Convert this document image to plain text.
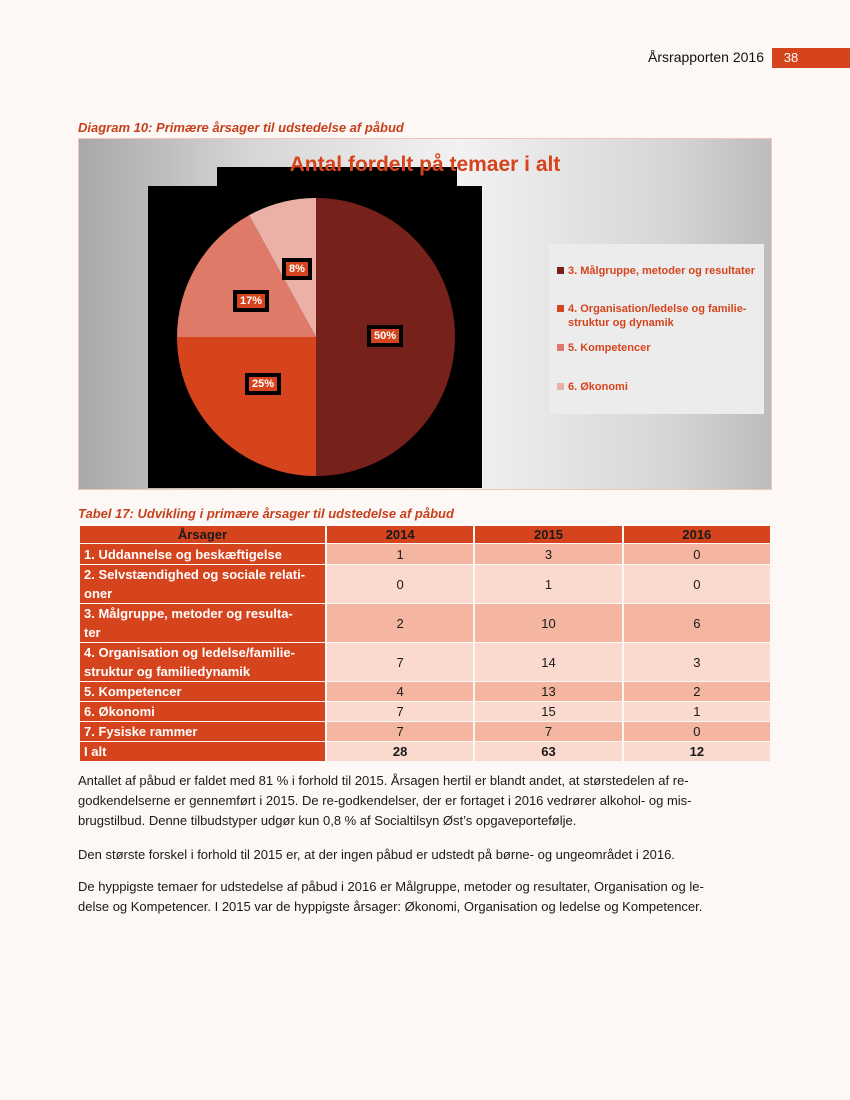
Årsrapporten 2016	38
Diagram 10: Primære årsager til udstedelse af påbud
Antal fordelt på temaer i alt
50%
25%
17%
8%	3. Målgruppe, metoder og resultater
4. Organisation/ledelse og familie-
struktur og dynamik
5. Kompetencer
6. Økonomi
Tabel 17: Udvikling i primære årsager til udstedelse af påbud
Årsager	2014	2015	2016

1. Uddannelse og beskæftigelse	1	3	0

2. Selvstændighed og sociale relati-
oner	0	1	0

3. Målgruppe, metoder og resulta-
ter	2	10	6

4. Organisation og ledelse/familie-
struktur og familiedynamik	7	14	3

5. Kompetencer	4	13	2

6. Økonomi	7	15	1

7. Fysiske rammer	7	7	0

I alt	28	63	12
Antallet af påbud er faldet med 81 % i forhold til 2015. Årsagen hertil er blandt andet, at størstedelen af re-
godkendelserne er gennemført i 2015. De re-godkendelser, der er fortaget i 2016 vedrører alkohol- og mis-
brugstilbud. Denne tilbudstyper udgør kun 0,8 % af Socialtilsyn Øst’s opgaveportefølje.
Den største forskel i forhold til 2015 er, at der ingen påbud er udstedt på børne- og ungeområdet i 2016.
De hyppigste temaer for udstedelse af påbud i 2016 er Målgruppe, metoder og resultater, Organisation og le-
delse og Kompetencer. I 2015 var de hyppigste årsager: Økonomi, Organisation og ledelse og Kompetencer.
